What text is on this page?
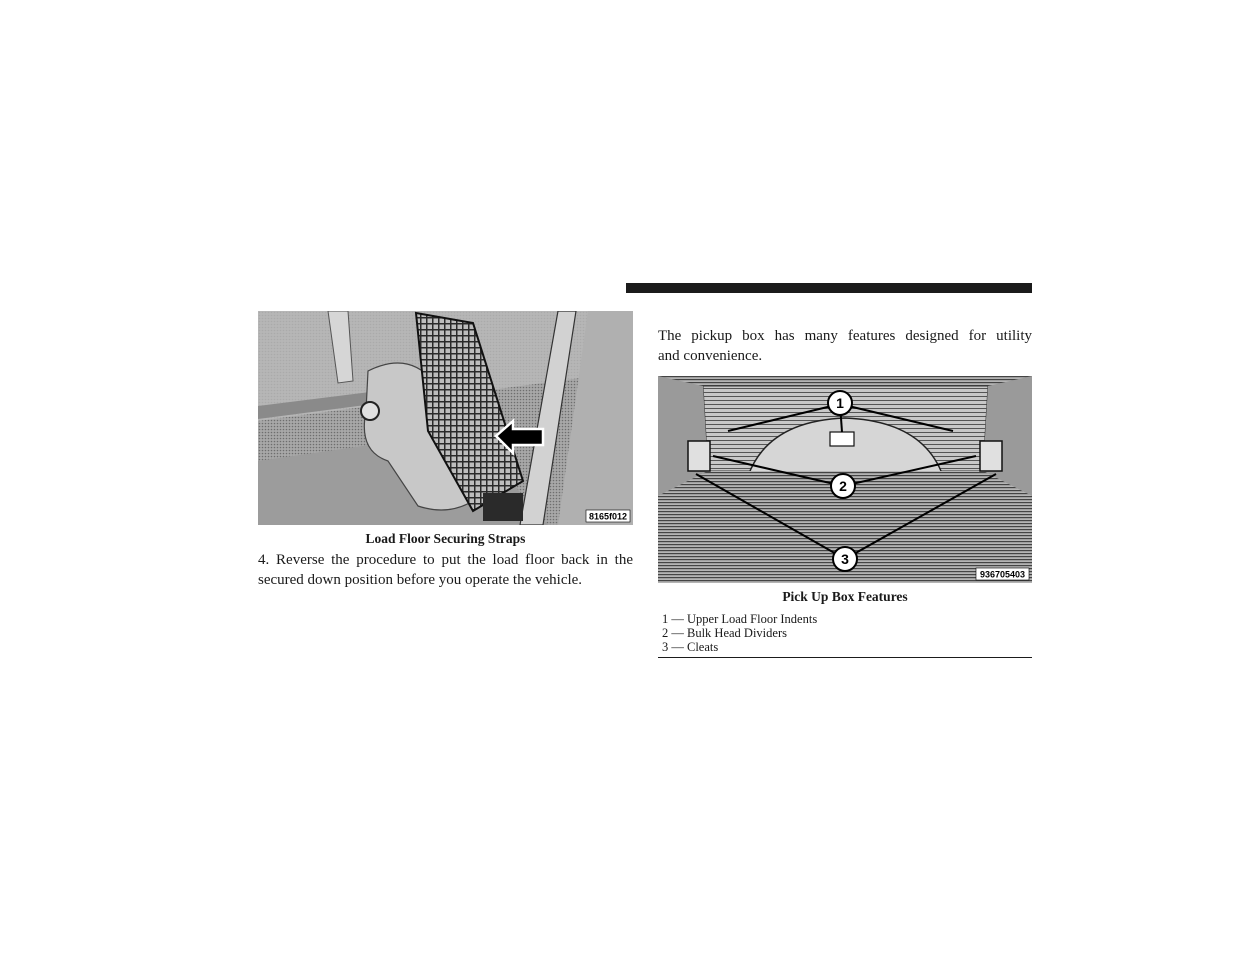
8165f012
Load Floor Securing Straps
4. Reverse the procedure to put the load floor back in the
secured down position before you operate the vehicle.
The pickup box has many features designed for utility
and convenience.
1
2
3
936705403
Pick Up Box Features
1 — Upper Load Floor Indents
2 — Bulk Head Dividers
3 — Cleats
